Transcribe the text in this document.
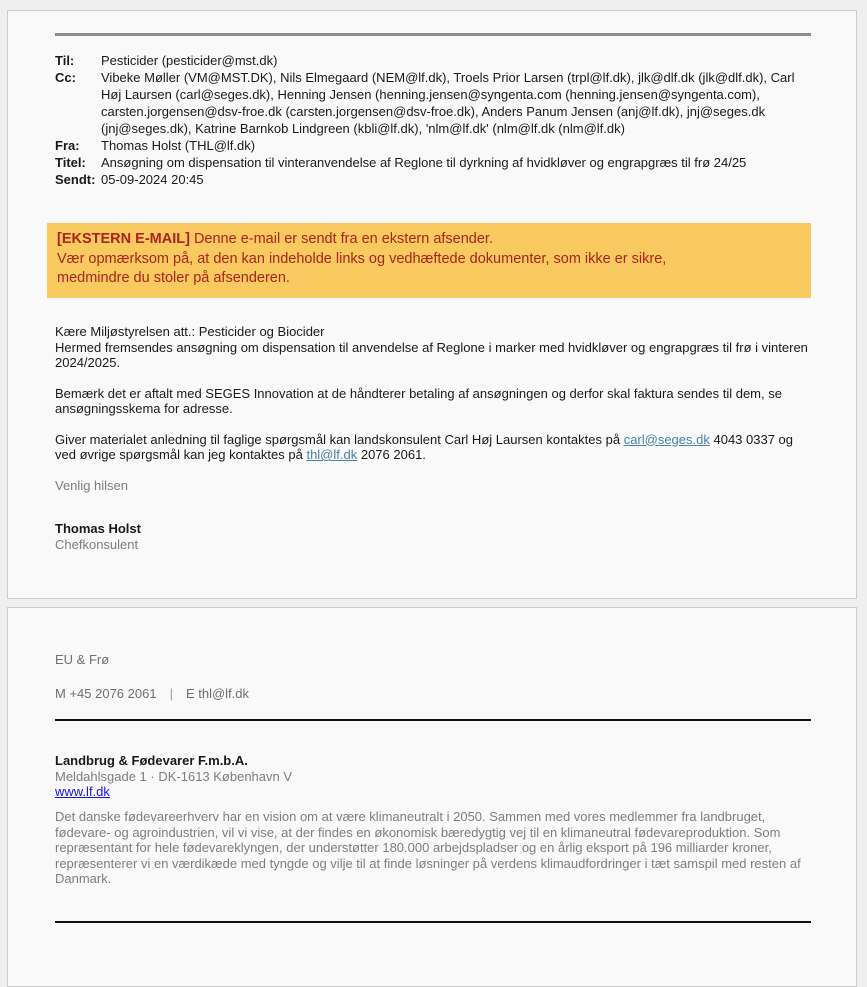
Til:	Pesticider (pesticider@mst.dk)
Cc:	Vibeke Møller (VM@MST.DK), Nils Elmegaard (NEM@lf.dk), Troels Prior Larsen (trpl@lf.dk), jlk@dlf.dk (jlk@dlf.dk), Carl Høj Laursen (carl@seges.dk), Henning Jensen (henning.jensen@syngenta.com (henning.jensen@syngenta.com), carsten.jorgensen@dsv-froe.dk (carsten.jorgensen@dsv-froe.dk), Anders Panum Jensen (anj@lf.dk), jnj@seges.dk (jnj@seges.dk), Katrine Barnkob Lindgreen (kbli@lf.dk), 'nlm@lf.dk' (nlm@lf.dk (nlm@lf.dk)
Fra:	Thomas Holst (THL@lf.dk)
Titel:	Ansøgning om dispensation til vinteranvendelse af Reglone til dyrkning af hvidkløver og engrapgræs til frø 24/25
Sendt: 05-09-2024 20:45
[EKSTERN E-MAIL] Denne e-mail er sendt fra en ekstern afsender.
Vær opmærksom på, at den kan indeholde links og vedhæftede dokumenter, som ikke er sikre,
medmindre du stoler på afsenderen.
Kære Miljøstyrelsen att.: Pesticider og Biocider
Hermed fremsendes ansøgning om dispensation til anvendelse af Reglone i marker med hvidkløver og engrapgræs til frø i vinteren 2024/2025.
Bemærk det er aftalt med SEGES Innovation at de håndterer betaling af ansøgningen og derfor skal faktura sendes til dem, se ansøgningsskema for adresse.
Giver materialet anledning til faglige spørgsmål kan landskonsulent Carl Høj Laursen kontaktes på carl@seges.dk 4043 0337 og ved øvrige spørgsmål kan jeg kontaktes på thl@lf.dk 2076 2061.
Venlig hilsen
Thomas Holst
Chefkonsulent
EU & Frø
M +45 2076 2061 | E thl@lf.dk
Landbrug & Fødevarer F.m.b.A.
Meldahlsgade 1 · DK-1613 København V
www.lf.dk
Det danske fødevareerhverv har en vision om at være klimaneutralt i 2050. Sammen med vores medlemmer fra landbruget, fødevare- og agroindustrien, vil vi vise, at der findes en økonomisk bæredygtig vej til en klimaneutral fødevareproduktion. Som repræsentant for hele fødevareklyngen, der understøtter 180.000 arbejdspladser og en årlig eksport på 196 milliarder kroner, repræsenterer vi en værdikæde med tyngde og vilje til at finde løsninger på verdens klimaudfordringer i tæt samspil med resten af Danmark.
